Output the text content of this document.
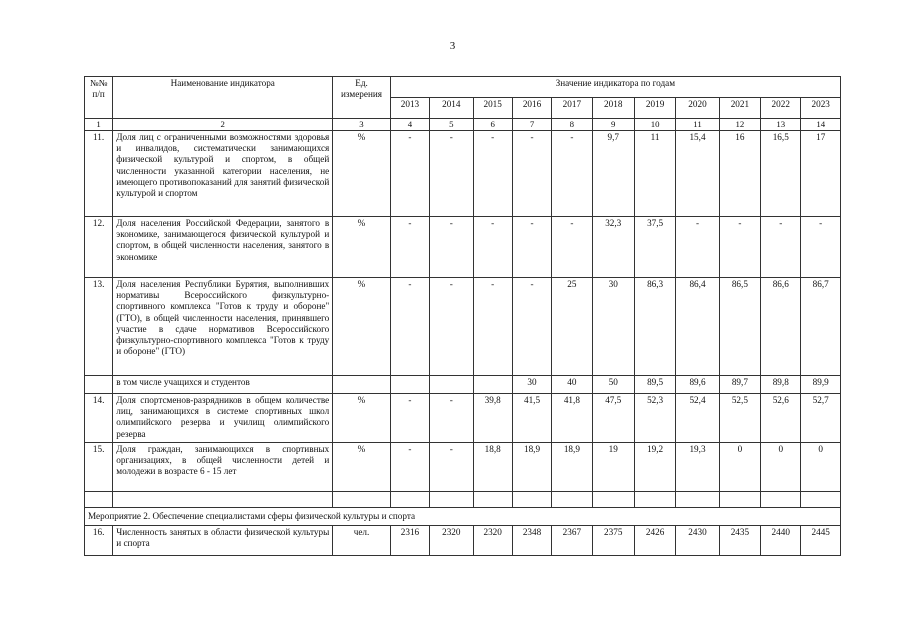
3
№№ п/п	Наименование индикатора	Ед. измерения	Значение индикатора по годам										
			2013	2014	2015	2016	2017	2018	2019	2020	2021	2022	2023
1	2	3	4	5	6	7	8	9	10	11	12	13	14
11.	Доля лиц с ограниченными возможностями здоровья и инвалидов, систематически занимающихся физической культурой и спортом, в общей численности указанной категории населения, не имеющего противопоказаний для занятий физической культурой и спортом	%	-	-	-	-	-	9,7	11	15,4	16	16,5	17
12.	Доля населения Российской Федерации, занятого в экономике, занимающегося физической культурой и спортом, в общей численности населения, занятого в экономике	%	-	-	-	-	-	32,3	37,5	-	-	-	-
13.	Доля населения Республики Бурятия, выполнивших нормативы Всероссийского физкультурно-спортивного комплекса "Готов к труду и обороне" (ГТО), в общей численности населения, принявшего участие в сдаче нормативов Всероссийского физкультурно-спортивного комплекса "Готов к труду и обороне" (ГТО)	%	-	-	-	-	25	30	86,3	86,4	86,5	86,6	86,7
	в том числе учащихся и студентов					30	40	50	89,5	89,6	89,7	89,8	89,9
14.	Доля спортсменов-разрядников в общем количестве лиц, занимающихся в системе спортивных школ олимпийского резерва и училищ олимпийского резерва	%	-	-	39,8	41,5	41,8	47,5	52,3	52,4	52,5	52,6	52,7
15.	Доля граждан, занимающихся в спортивных организациях, в общей численности детей и молодежи в возрасте 6 - 15 лет	%	-	-	18,8	18,9	18,9	19	19,2	19,3	0	0	0

Мероприятие 2. Обеспечение специалистами сферы физической культуры и спорта													
16.	Численность занятых в области физической культуры и спорта	чел.	2316	2320	2320	2348	2367	2375	2426	2430	2435	2440	2445
